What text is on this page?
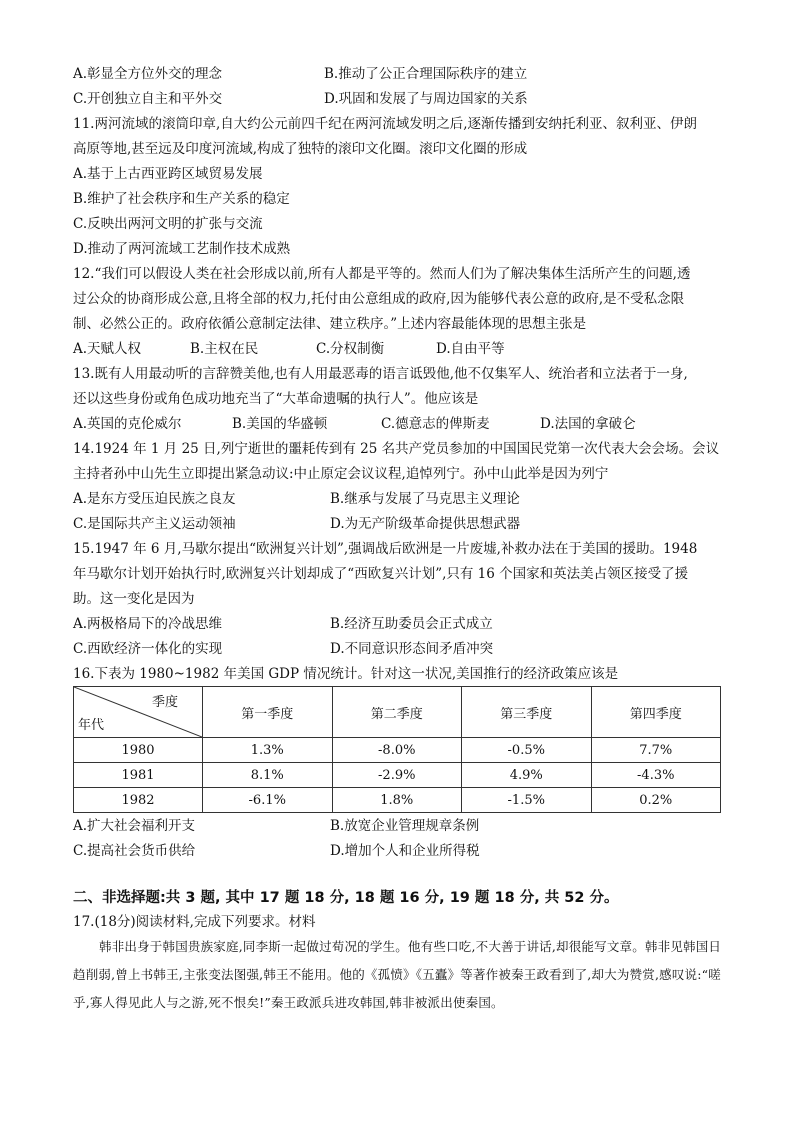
A.彰显全方位外交的理念	B.推动了公正合理国际秩序的建立
C.开创独立自主和平外交	D.巩固和发展了与周边国家的关系
11.两河流域的滚筒印章,自大约公元前四千纪在两河流域发明之后,逐渐传播到安纳托利亚、叙利亚、伊朗
高原等地,甚至远及印度河流域,构成了独特的滚印文化圈。滚印文化圈的形成
A.基于上古西亚跨区域贸易发展
B.维护了社会秩序和生产关系的稳定
C.反映出两河文明的扩张与交流
D.推动了两河流域工艺制作技术成熟
12.“我们可以假设人类在社会形成以前,所有人都是平等的。然而人们为了解决集体生活所产生的问题,透
过公众的协商形成公意,且将全部的权力,托付由公意组成的政府,因为能够代表公意的政府,是不受私念限
制、必然公正的。政府依循公意制定法律、建立秩序。”上述内容最能体现的思想主张是
A.天赋人权	B.主权在民	C.分权制衡	D.自由平等
13.既有人用最动听的言辞赞美他,也有人用最恶毒的语言诋毁他,他不仅集军人、统治者和立法者于一身,
还以这些身份或角色成功地充当了“大革命遗嘱的执行人”。他应该是
A.英国的克伦威尔	B.美国的华盛顿	C.德意志的俾斯麦	D.法国的拿破仑
14.1924 年 1 月 25 日,列宁逝世的噩耗传到有 25 名共产党员参加的中国国民党第一次代表大会会场。会议
主持者孙中山先生立即提出紧急动议:中止原定会议议程,追悼列宁。孙中山此举是因为列宁
A.是东方受压迫民族之良友	B.继承与发展了马克思主义理论
C.是国际共产主义运动领袖	D.为无产阶级革命提供思想武器
15.1947 年 6 月,马歇尔提出“欧洲复兴计划”,强调战后欧洲是一片废墟,补救办法在于美国的援助。1948
年马歇尔计划开始执行时,欧洲复兴计划却成了“西欧复兴计划”,只有 16 个国家和英法美占领区接受了援
助。这一变化是因为
A.两极格局下的冷战思维	B.经济互助委员会正式成立
C.西欧经济一体化的实现	D.不同意识形态间矛盾冲突
16.下表为 1980~1982 年美国 GDP 情况统计。针对这一状况,美国推行的经济政策应该是
季度
年代	第一季度	第二季度	第三季度	第四季度
1980	1.3%	-8.0%	-0.5%	7.7%
1981	8.1%	-2.9%	4.9%	-4.3%
1982	-6.1%	1.8%	-1.5%	0.2%
A.扩大社会福利开支	B.放宽企业管理规章条例
C.提高社会货币供给	D.增加个人和企业所得税
二、非选择题:共 3 题, 其中 17 题 18 分, 18 题 16 分, 19 题 18 分, 共 52 分。
17.(18分)阅读材料,完成下列要求。材料
韩非出身于韩国贵族家庭,同李斯一起做过荀况的学生。他有些口吃,不大善于讲话,却很能写文章。韩非见韩国日趋削弱,曾上书韩王,主张变法图强,韩王不能用。他的《孤愤》《五蠹》等著作被秦王政看到了,却大为赞赏,感叹说:“嗟乎,寡人得见此人与之游,死不恨矣!”秦王政派兵进攻韩国,韩非被派出使秦国。
